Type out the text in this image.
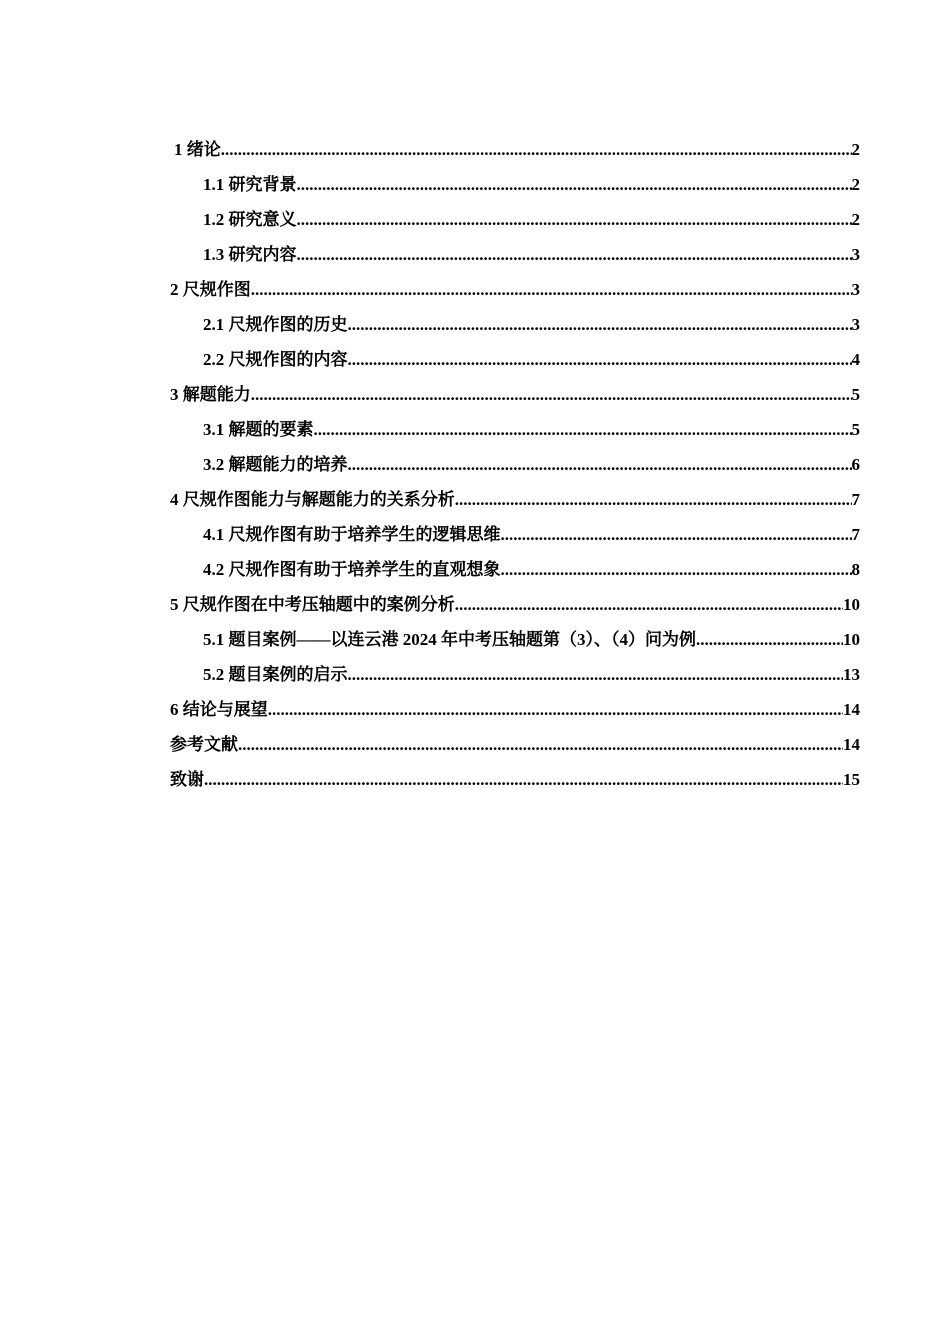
1 绪论 .....	2
1.1 研究背景 .....	2
1.2 研究意义 .....	2
1.3 研究内容 .....	3
2 尺规作图 .....	3
2.1 尺规作图的历史 .....	3
2.2 尺规作图的内容 .....	4
3 解题能力 .....	5
3.1 解题的要素 .....	5
3.2 解题能力的培养 .....	6
4 尺规作图能力与解题能力的关系分析 .....	7
4.1 尺规作图有助于培养学生的逻辑思维 .....	7
4.2 尺规作图有助于培养学生的直观想象 .....	8
5 尺规作图在中考压轴题中的案例分析 .....	10
5.1 题目案例——以连云港 2024 年中考压轴题第（3）、（4）问为例 .....	10
5.2 题目案例的启示 .....	13
6 结论与展望 .....	14
参考文献 .....	14
致谢 .....	15
